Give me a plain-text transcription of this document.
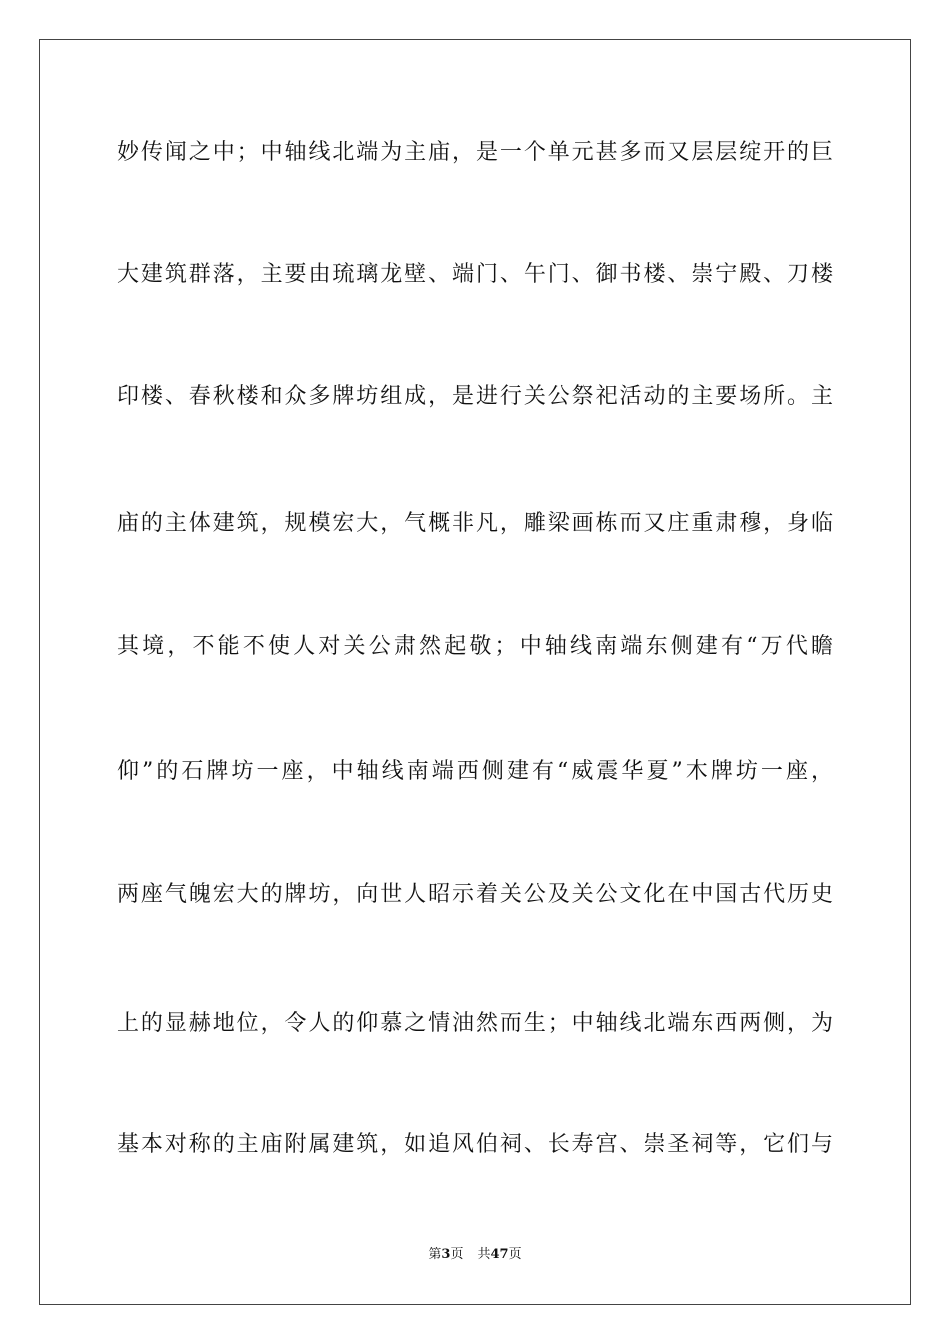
妙传闻之中；中轴线北端为主庙，是一个单元甚多而又层层绽开的巨
大建筑群落，主要由琉璃龙壁、端门、午门、御书楼、崇宁殿、刀楼
印楼、春秋楼和众多牌坊组成，是进行关公祭祀活动的主要场所。主
庙的主体建筑，规模宏大，气概非凡，雕梁画栋而又庄重肃穆，身临
其境，不能不使人对关公肃然起敬；中轴线南端东侧建有“万代瞻
仰”的石牌坊一座，中轴线南端西侧建有“威震华夏”木牌坊一座，
两座气魄宏大的牌坊，向世人昭示着关公及关公文化在中国古代历史
上的显赫地位，令人的仰慕之情油然而生；中轴线北端东西两侧，为
基本对称的主庙附属建筑，如追风伯祠、长寿宫、崇圣祠等，它们与
第3页 共47页
